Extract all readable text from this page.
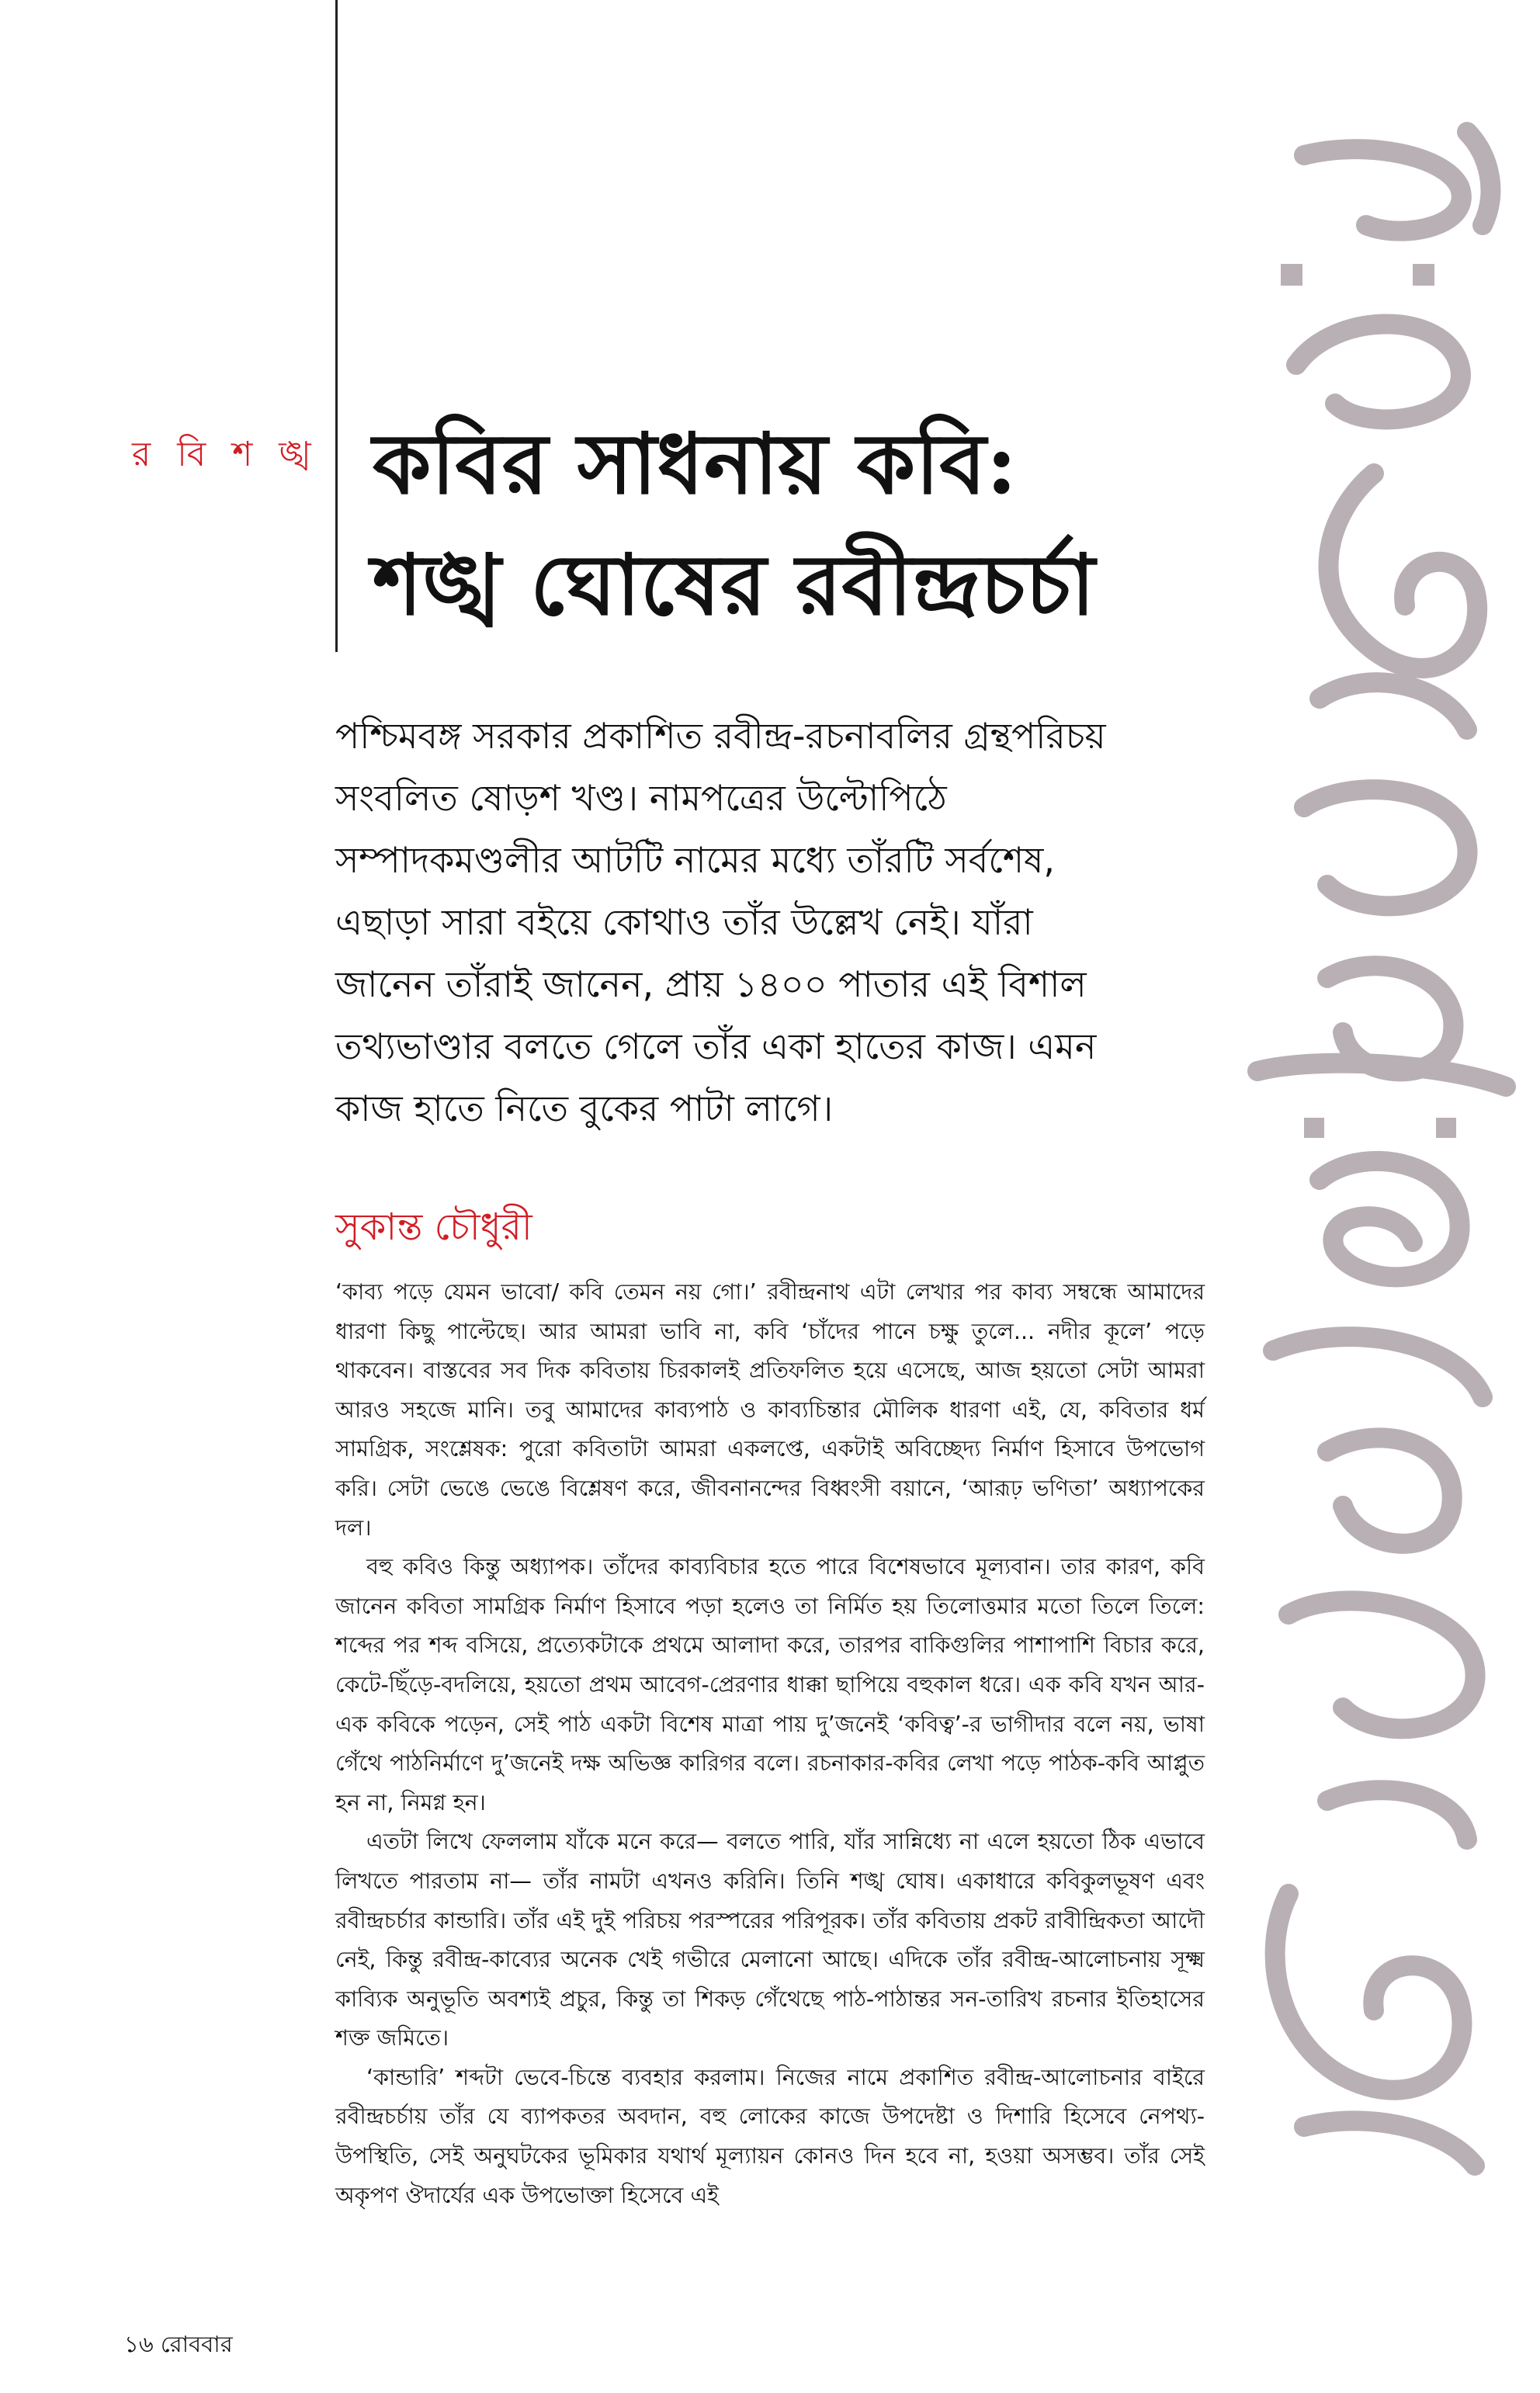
র বি শ ঙ্খ কবির সাধনায় কবি:
শঙ্খ ঘোষের রবীন্দ্রচর্চা
পশ্চিমবঙ্গ সরকার প্রকাশিত রবীন্দ্র-রচনাবলির গ্রন্থপরিচয় সংবলিত ষোড়শ খণ্ড। নামপত্রের উল্টোপিঠে সম্পাদকমণ্ডলীর আটটি নামের মধ্যে তাঁরটি সর্বশেষ, এছাড়া সারা বইয়ে কোথাও তাঁর উল্লেখ নেই। যাঁরা জানেন তাঁরাই জানেন, প্রায় ১৪০০ পাতার এই বিশাল তথ্যভাণ্ডার বলতে গেলে তাঁর একা হাতের কাজ। এমন কাজ হাতে নিতে বুকের পাটা লাগে।
সুকান্ত চৌধুরী

‘কাব্য পড়ে যেমন ভাবো/ কবি তেমন নয় গো।’ রবীন্দ্রনাথ এটা লেখার পর কাব্য সম্বন্ধে আমাদের ধারণা কিছু পাল্টেছে। আর আমরা ভাবি না, কবি ‘চাঁদের পানে চক্ষু তুলে... নদীর কূলে’ পড়ে থাকবেন। বাস্তবের সব দিক কবিতায় চিরকালই প্রতিফলিত হয়ে এসেছে, আজ হয়তো সেটা আমরা আরও সহজে মানি। তবু আমাদের কাব্যপাঠ ও কাব্যচিন্তার মৌলিক ধারণা এই, যে, কবিতার ধর্ম সামগ্রিক, সংশ্লেষক: পুরো কবিতাটা আমরা একলপ্তে, একটাই অবিচ্ছেদ্য নির্মাণ হিসাবে উপভোগ করি। সেটা ভেঙে ভেঙে বিশ্লেষণ করে, জীবনানন্দের বিধ্বংসী বয়ানে, ‘আরূঢ় ভণিতা’ অধ্যাপকের দল।

বহু কবিও কিন্তু অধ্যাপক। তাঁদের কাব্যবিচার হতে পারে বিশেষভাবে মূল্যবান। তার কারণ, কবি জানেন কবিতা সামগ্রিক নির্মাণ হিসাবে পড়া হলেও তা নির্মিত হয় তিলোত্তমার মতো তিলে তিলে: শব্দের পর শব্দ বসিয়ে, প্রত্যেকটাকে প্রথমে আলাদা করে, তারপর বাকিগুলির পাশাপাশি বিচার করে, কেটে-ছিঁড়ে-বদলিয়ে, হয়তো প্রথম আবেগ-প্রেরণার ধাক্কা ছাপিয়ে বহুকাল ধরে। এক কবি যখন আর-এক কবিকে পড়েন, সেই পাঠ একটা বিশেষ মাত্রা পায় দু’জনেই ‘কবিত্ব’-র ভাগীদার বলে নয়, ভাষা গেঁথে পাঠনির্মাণে দু’জনেই দক্ষ অভিজ্ঞ কারিগর বলে। রচনাকার-কবির লেখা পড়ে পাঠক-কবি আপ্লুত হন না, নিমগ্ন হন।

এতটা লিখে ফেললাম যাঁকে মনে করে— বলতে পারি, যাঁর সান্নিধ্যে না এলে হয়তো ঠিক এভাবে লিখতে পারতাম না— তাঁর নামটা এখনও করিনি। তিনি শঙ্খ ঘোষ। একাধারে কবিকুলভূষণ এবং রবীন্দ্রচর্চার কান্ডারি। তাঁর এই দুই পরিচয় পরস্পরের পরিপূরক। তাঁর কবিতায় প্রকট রাবীন্দ্রিকতা আদৌ নেই, কিন্তু রবীন্দ্র-কাব্যের অনেক খেই গভীরে মেলানো আছে। এদিকে তাঁর রবীন্দ্র-আলোচনায় সূক্ষ্ম কাব্যিক অনুভূতি অবশ্যই প্রচুর, কিন্তু তা শিকড় গেঁথেছে পাঠ-পাঠান্তর সন-তারিখ রচনার ইতিহাসের শক্ত জমিতে।

‘কান্ডারি’ শব্দটা ভেবে-চিন্তে ব্যবহার করলাম। নিজের নামে প্রকাশিত রবীন্দ্র-আলোচনার বাইরে রবীন্দ্রচর্চায় তাঁর যে ব্যাপকতর অবদান, বহু লোকের কাজে উপদেষ্টা ও দিশারি হিসেবে নেপথ্য-উপস্থিতি, সেই অনুঘটকের ভূমিকার যথার্থ মূল্যায়ন কোনও দিন হবে না, হওয়া অসম্ভব। তাঁর সেই অকৃপণ ঔদার্যের এক উপভোক্তা হিসেবে এই

১৬ রোববার
